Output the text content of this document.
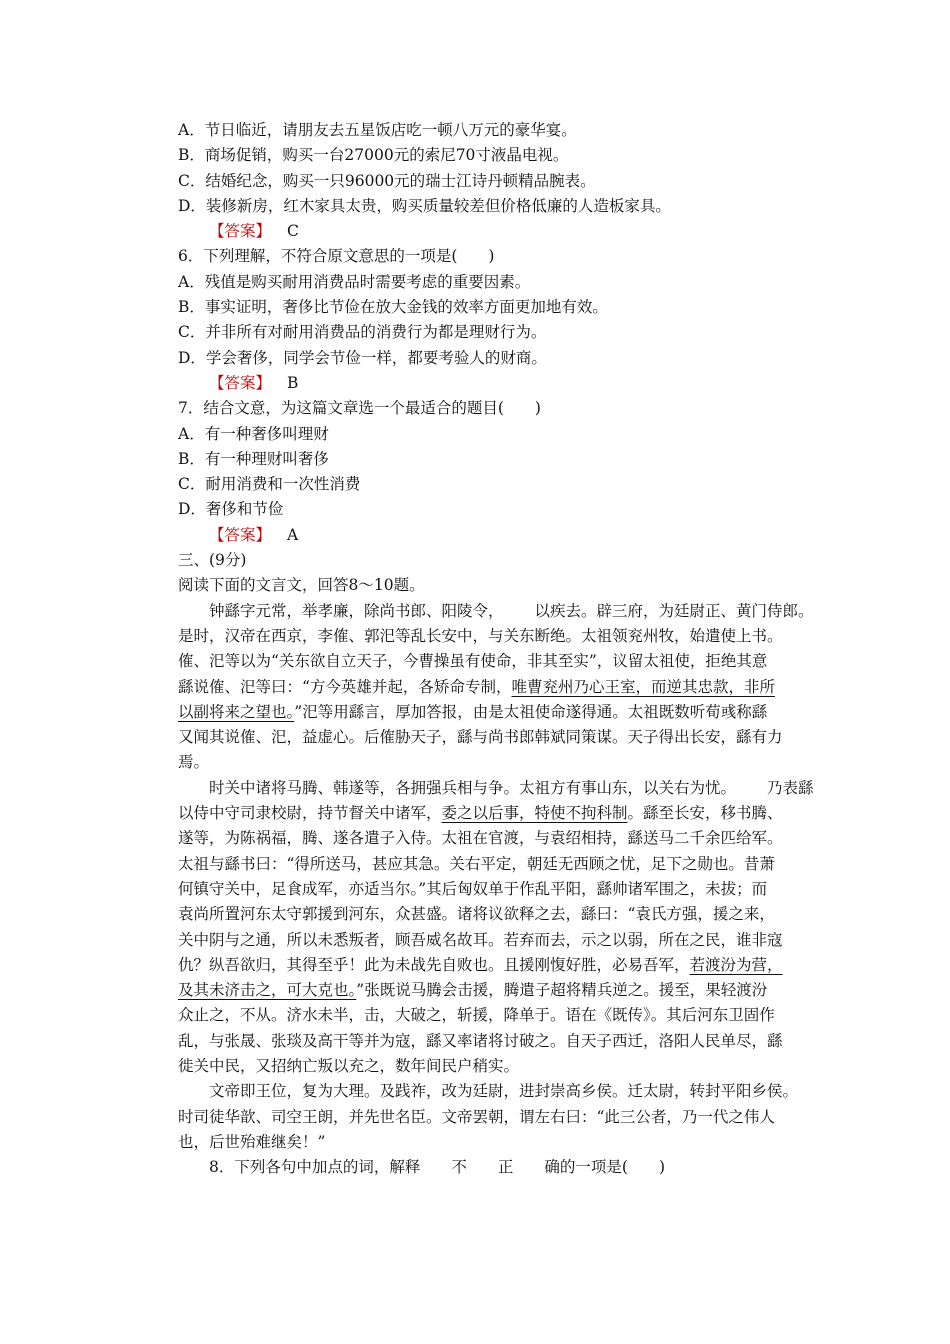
A．节日临近，请朋友去五星饭店吃一顿八万元的豪华宴。
B．商场促销，购买一台27000元的索尼70寸液晶电视。
C．结婚纪念，购买一只96000元的瑞士江诗丹顿精品腕表。
D．装修新房，红木家具太贵，购买质量较差但价格低廉的人造板家具。
【答案】 C
6．下列理解，不符合原文意思的一项是(　　)
A．残值是购买耐用消费品时需要考虑的重要因素。
B．事实证明，奢侈比节俭在放大金钱的效率方面更加地有效。
C．并非所有对耐用消费品的消费行为都是理财行为。
D．学会奢侈，同学会节俭一样，都要考验人的财商。
【答案】 B
7．结合文意，为这篇文章选一个最适合的题目(　　)
A．有一种奢侈叫理财
B．有一种理财叫奢侈
C．耐用消费和一次性消费
D．奢侈和节俭
【答案】 A
三、(9分)
阅读下面的文言文，回答8～10题。
钟繇字元常，举孝廉，除尚书郎、阳陵令， 以疾去。辟三府，为廷尉正、黄门侍郎。
是时，汉帝在西京，李傕、郭汜等乱长安中，与关东断绝。太祖领兖州牧，始遣使上书。
傕、汜等以为“关东欲自立天子，今曹操虽有使命，非其至实”，议留太祖使，拒绝其意
繇说傕、汜等曰：“方今英雄并起，各矫命专制，唯曹兖州乃心王室，而逆其忠款，非所
以副将来之望也。”汜等用繇言，厚加答报，由是太祖使命遂得通。太祖既数听荀彧称繇
又闻其说傕、汜，益虚心。后傕胁天子，繇与尚书郎韩斌同策谋。天子得出长安，繇有力
焉。
时关中诸将马腾、韩遂等，各拥强兵相与争。太祖方有事山东，以关右为忧。 乃表繇
以侍中守司隶校尉，持节督关中诸军，委之以后事，特使不拘科制。繇至长安，移书腾、
遂等，为陈祸福，腾、遂各遣子入侍。太祖在官渡，与袁绍相持，繇送马二千余匹给军。
太祖与繇书曰：“得所送马，甚应其急。关右平定，朝廷无西顾之忧，足下之勋也。昔萧
何镇守关中，足食成军，亦适当尔。”其后匈奴单于作乱平阳，繇帅诸军围之，未拔；而
袁尚所置河东太守郭援到河东，众甚盛。诸将议欲释之去，繇曰：“袁氏方强，援之来，
关中阴与之通，所以未悉叛者，顾吾威名故耳。若弃而去，示之以弱，所在之民，谁非寇
仇？纵吾欲归，其得至乎！此为未战先自败也。且援刚愎好胜，必易吾军，若渡汾为营，
及其未济击之，可大克也。”张既说马腾会击援，腾遣子超将精兵逆之。援至，果轻渡汾
众止之，不从。济水未半，击，大破之，斩援，降单于。语在《既传》。其后河东卫固作
乱，与张晟、张琰及高干等并为寇，繇又率诸将讨破之。自天子西迁，洛阳人民单尽，繇
徙关中民，又招纳亡叛以充之，数年间民户稍实。
文帝即王位，复为大理。及践祚，改为廷尉，进封崇高乡侯。迁太尉，转封平阳乡侯。
时司徒华歆、司空王朗，并先世名臣。文帝罢朝，谓左右曰：“此三公者，乃一代之伟人
也，后世殆难继矣！”
8．下列各句中加点的词，解释 不 正 确的一项是(　　)
